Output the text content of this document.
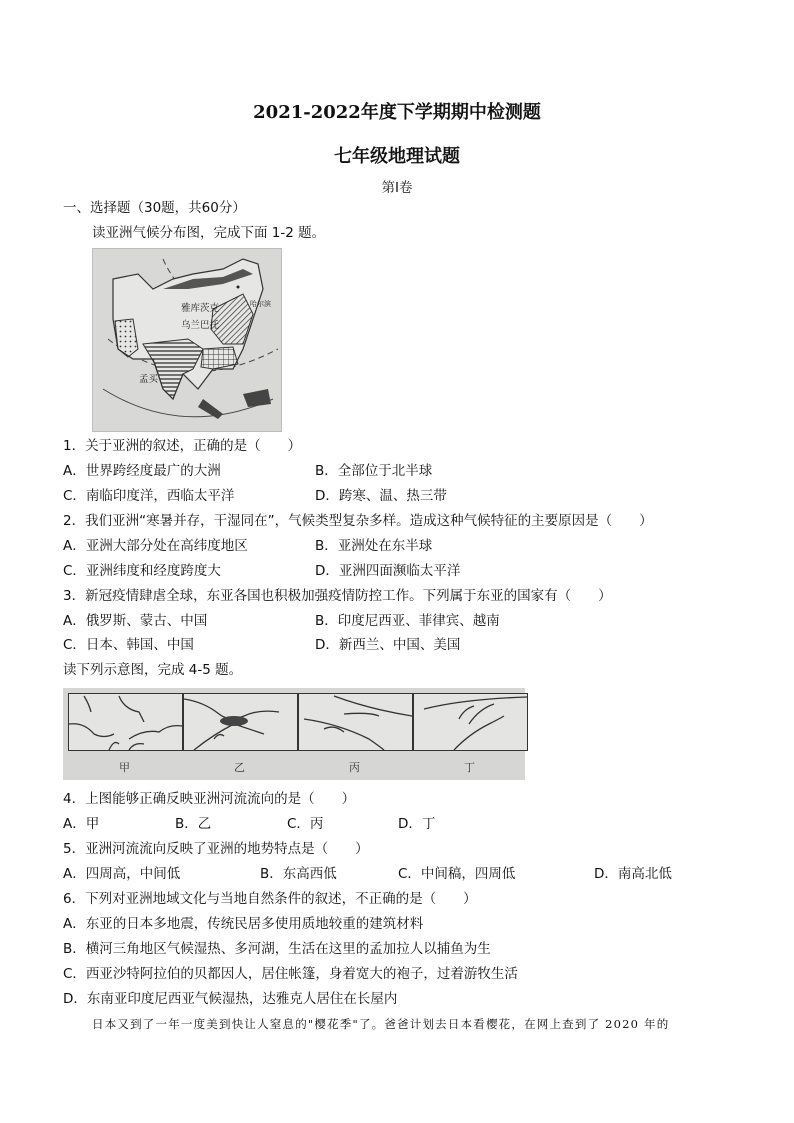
2021-2022年度下学期期中检测题
七年级地理试题
第Ⅰ卷
一、选择题（30题，共60分）
读亚洲气候分布图，完成下面 1-2 题。
雅库茨克
乌兰巴托
哈尔滨
孟买
1．关于亚洲的叙述，正确的是（　　）
A．世界跨经度最广的大洲	B．全部位于北半球
C．南临印度洋，西临太平洋	D．跨寒、温、热三带
2．我们亚洲“寒暑并存，干湿同在”，气候类型复杂多样。造成这种气候特征的主要原因是（　　）
A．亚洲大部分处在高纬度地区	B．亚洲处在东半球
C．亚洲纬度和经度跨度大	D．亚洲四面濒临太平洋
3．新冠疫情肆虐全球，东亚各国也积极加强疫情防控工作。下列属于东亚的国家有（　　）
A．俄罗斯、蒙古、中国	B．印度尼西亚、菲律宾、越南
C．日本、韩国、中国	D．新西兰、中国、美国
读下列示意图，完成 4-5 题。
甲	乙	丙	丁
4．上图能够正确反映亚洲河流流向的是（　　）
A．甲	B．乙	C．丙	D．丁
5．亚洲河流流向反映了亚洲的地势特点是（　　）
A．四周高，中间低	B．东高西低	C．中间稿，四周低	D．南高北低
6．下列对亚洲地域文化与当地自然条件的叙述，不正确的是（　　）
A．东亚的日本多地震，传统民居多使用质地较重的建筑材料
B．横河三角地区气候湿热、多河湖，生活在这里的孟加拉人以捕鱼为生
C．西亚沙特阿拉伯的贝都因人，居住帐篷，身着宽大的袍子，过着游牧生活
D．东南亚印度尼西亚气候湿热，达雅克人居住在长屋内
日本又到了一年一度美到快让人窒息的"樱花季"了。爸爸计划去日本看樱花，在网上查到了 2020 年的
